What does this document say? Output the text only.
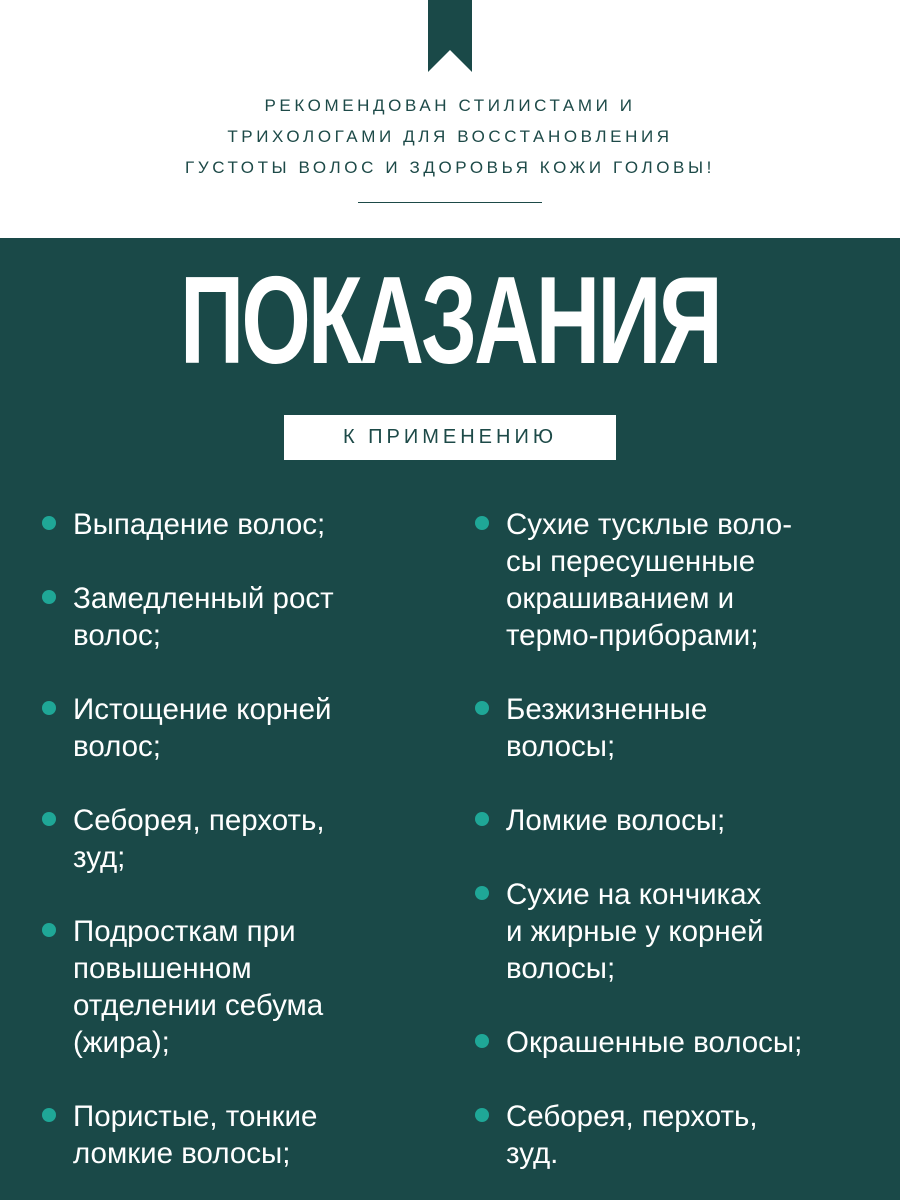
РЕКОМЕНДОВАН СТИЛИСТАМИ И
ТРИХОЛОГАМИ ДЛЯ ВОССТАНОВЛЕНИЯ
ГУСТОТЫ ВОЛОС И ЗДОРОВЬЯ КОЖИ ГОЛОВЫ!

ПОКАЗАНИЯ
К ПРИМЕНЕНИЮ
Выпадение волос;
Замедленный рост
волос;
Истощение корней
волос;
Себорея, перхоть,
зуд;
Подросткам при
повышенном
отделении себума
(жира);
Пористые, тонкие
ломкие волосы;
Сухие тусклые воло-
сы пересушенные
окрашиванием и
термо-приборами;
Безжизненные
волосы;
Ломкие волосы;
Сухие на кончиках
и жирные у корней
волосы;
Окрашенные волосы;
Себорея, перхоть,
зуд.
